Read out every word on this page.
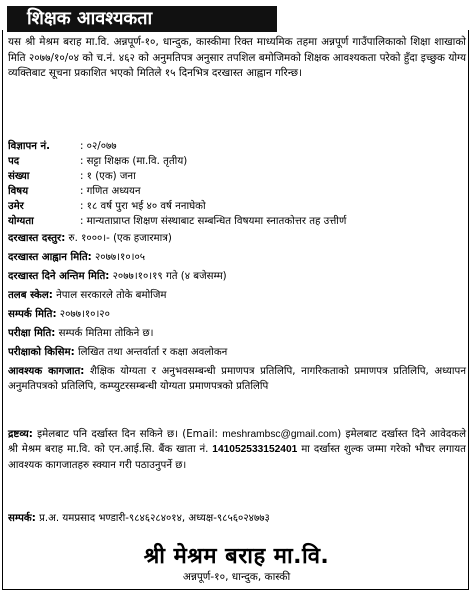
शिक्षक आवश्यकता
यस श्री मेश्रम बराह मा.वि. अन्नपूर्ण-१०, धान्दुक, कास्कीमा रिक्त माध्यमिक तहमा अन्नपूर्ण गाउँपालिकाको शिक्षा शाखाको मिति २०७७/१०/०४ को च.नं. ४६२ को अनुमतिपत्र अनुसार तपशिल बमोजिमको शिक्षक आवश्यकता परेको हुँदा इच्छुक योग्य व्यक्तिबाट सूचना प्रकाशित भएको मितिले १५ दिनभित्र दरखास्त आह्वान गरिन्छ।
विज्ञापन नं.	: ०२/०७७
पद	: सट्टा शिक्षक (मा.वि. तृतीय)
संख्या	: १ (एक) जना
विषय	: गणित अध्ययन
उमेर	: १८ वर्ष पुरा भई ४० वर्ष ननाघेको
योग्यता	: मान्यताप्राप्त शिक्षण संस्थाबाट सम्बन्धित विषयमा स्नातकोत्तर तह उत्तीर्ण
दरखास्त दस्तुर: रु. १०००।- (एक हजारमात्र)
दरखास्त आह्वान मिति: २०७७।१०।०५
दरखास्त दिने अन्तिम मिति: २०७७।१०।१९ गते (४ बजेसम्म)
तलब स्केल: नेपाल सरकारले तोके बमोजिम
सम्पर्क मिति: २०७७।१०।२०
परीक्षा मिति: सम्पर्क मितिमा तोकिने छ।
परीक्षाको किसिम: लिखित तथा अन्तर्वार्ता र कक्षा अवलोकन
आवश्यक कागजात: शैक्षिक योग्यता र अनुभवसम्बन्धी प्रमाणपत्र प्रतिलिपि, नागरिकताको प्रमाणपत्र प्रतिलिपि, अध्यापन अनुमतिपत्रको प्रतिलिपि, कम्प्युटरसम्बन्धी योग्यता प्रमाणपत्रको प्रतिलिपि
द्रष्टव्य: इमेलबाट पनि दर्खास्त दिन सकिने छ। (Email: meshrambsc@gmail.com) इमेलबाट दर्खास्त दिने आवेदकले श्री मेश्रम बराह मा.वि. को एन.आई.सि. बैंक खाता नं. 141052533152401 मा दर्खास्त शुल्क जम्मा गरेको भौचर लगायत आवश्यक कागजातहरु स्क्यान गरी पठाउनुपर्ने छ।
सम्पर्क: प्र.अ. यमप्रसाद भण्डारी-९८४६२८४०१४, अध्यक्ष-९८५६०२४७७३
श्री मेश्रम बराह मा.वि.
अन्नपूर्ण-१०, धान्दुक, कास्की
